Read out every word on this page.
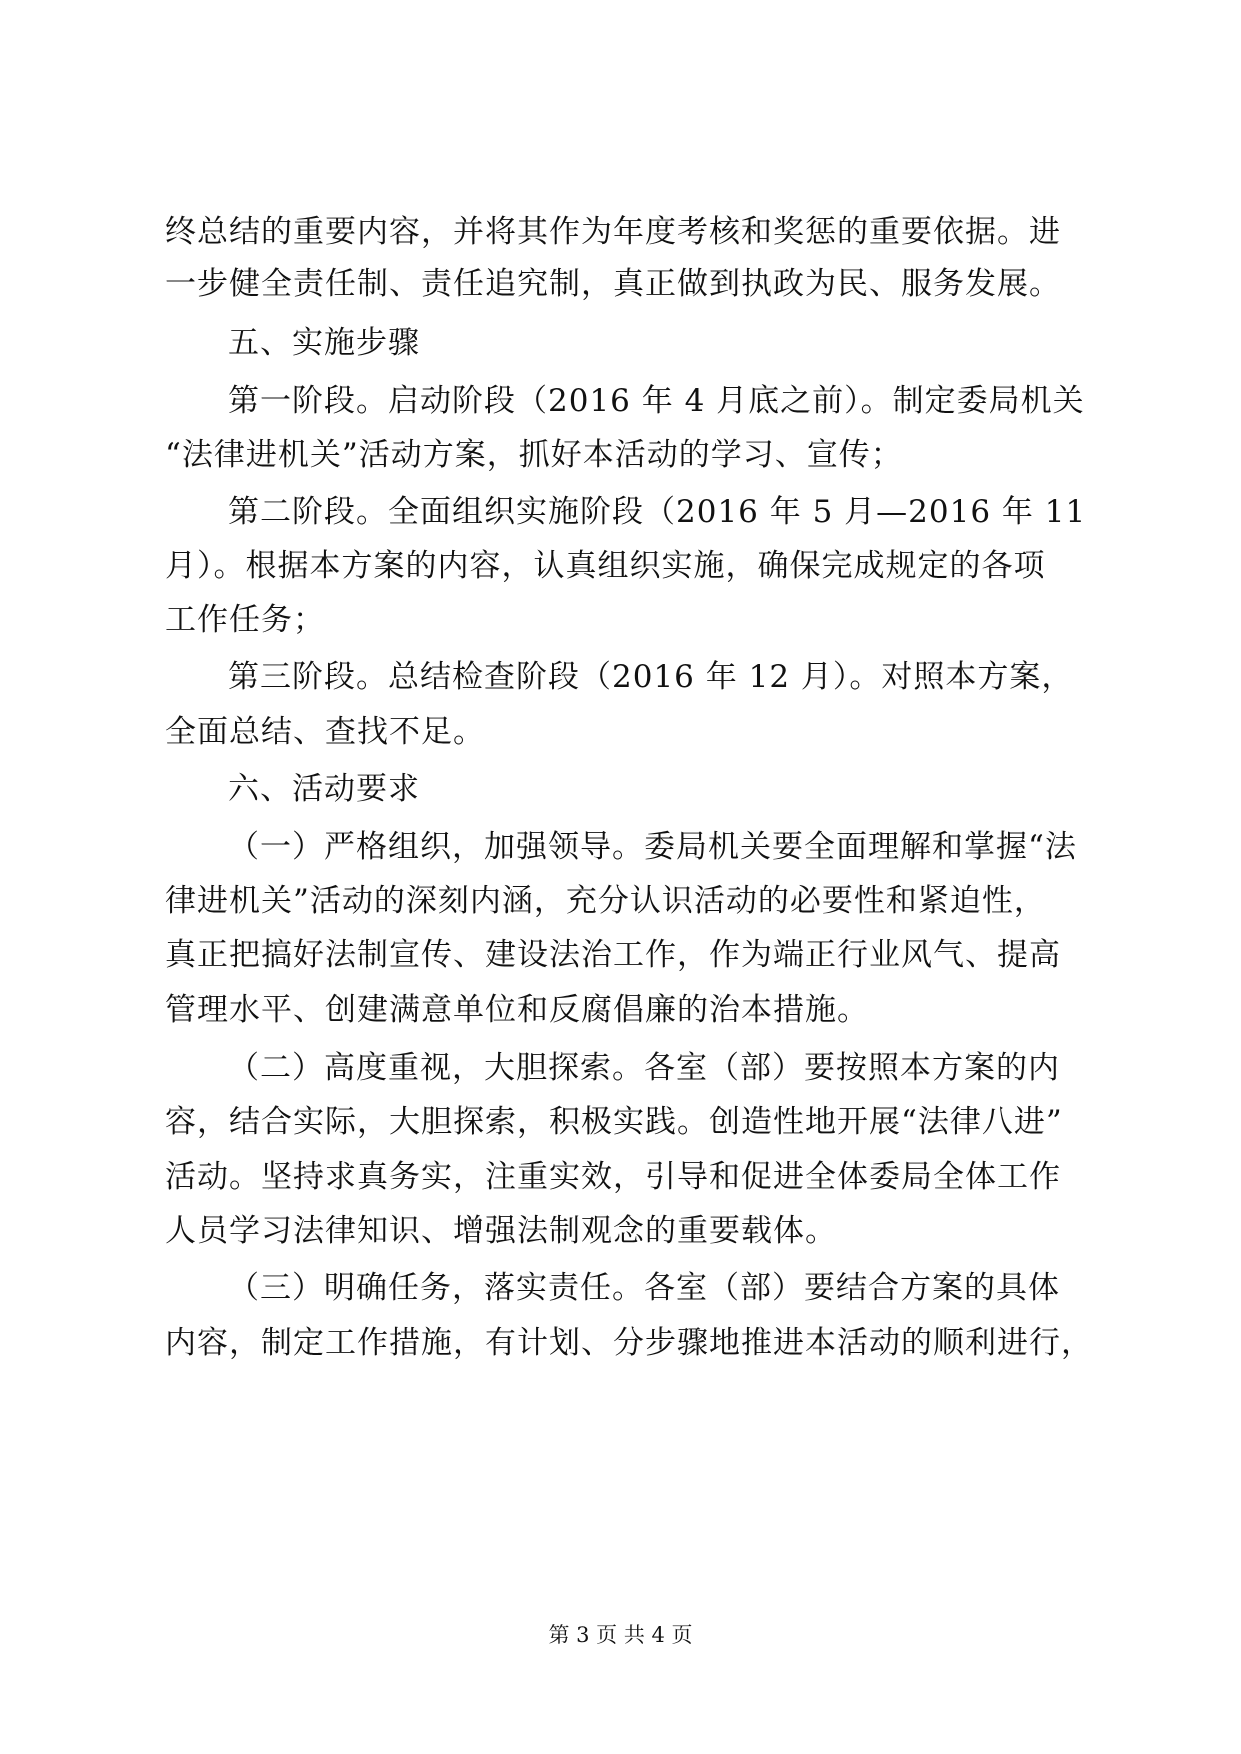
终总结的重要内容，并将其作为年度考核和奖惩的重要依据。进
一步健全责任制、责任追究制，真正做到执政为民、服务发展。
五、实施步骤
第一阶段。启动阶段（2016 年 4 月底之前）。制定委局机关
“法律进机关”活动方案，抓好本活动的学习、宣传；
第二阶段。全面组织实施阶段（2016 年 5 月—2016 年 11
月）。根据本方案的内容，认真组织实施，确保完成规定的各项
工作任务；
第三阶段。总结检查阶段（2016 年 12 月）。对照本方案，
全面总结、查找不足。
六、活动要求
（一）严格组织，加强领导。委局机关要全面理解和掌握“法
律进机关”活动的深刻内涵，充分认识活动的必要性和紧迫性，
真正把搞好法制宣传、建设法治工作，作为端正行业风气、提高
管理水平、创建满意单位和反腐倡廉的治本措施。
（二）高度重视，大胆探索。各室（部）要按照本方案的内
容，结合实际，大胆探索，积极实践。创造性地开展“法律八进”
活动。坚持求真务实，注重实效，引导和促进全体委局全体工作
人员学习法律知识、增强法制观念的重要载体。
（三）明确任务，落实责任。各室（部）要结合方案的具体
内容，制定工作措施，有计划、分步骤地推进本活动的顺利进行，
第 3 页 共 4 页
